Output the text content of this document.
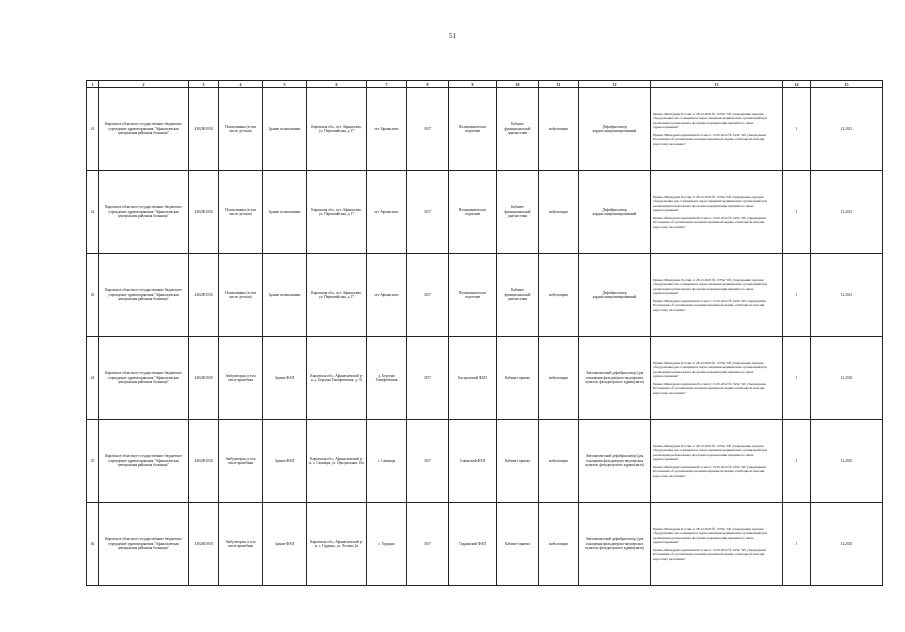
51
1	2	3	4	5	6	7	8	9	10	11	12	13	14	15
41	Кировское областное государственное бюджетное учреждение здравоохранения "Афанасьевская центральная районная больница"	4302001030	Поликлиника (в том числе детская)	Здание поликлиники	Кировская обл., пгт. Афанасьево, ул. Первомайская, д.17	пгт Афанасьево	3107	Поликлиническое отделение	Кабинет функциональной диагностики	амбулаторно	Дефибриллятор кардиосинхронизированный	Приказ Минздрава России от 28.12.2020 № 1379н "Об утверждении перечня оборудования для оснащения и переоснащения медицинских организаций при реализации региональных программ модернизации первичного звена здравоохранения"
Приказ Минздравсоцразвития России от 15.05.2012 № 543н "Об утверждении Положения об организации оказания первичной медико-санитарной помощи взрослому населению"	1	12.2021
42	Кировское областное государственное бюджетное учреждение здравоохранения "Афанасьевская центральная районная больница"	4302001030	Поликлиника (в том числе детская)	Здание поликлиники	Кировская обл., пгт. Афанасьево, ул. Первомайская, д.17	пгт Афанасьево	3107	Поликлиническое отделение	Кабинет функциональной диагностики	амбулаторно	Дефибриллятор кардиосинхронизированный	Приказ Минздрава России от 28.12.2020 № 1379н "Об утверждении перечня оборудования для оснащения и переоснащения медицинских организаций при реализации региональных программ модернизации первичного звена здравоохранения"
Приказ Минздравсоцразвития России от 15.05.2012 № 543н "Об утверждении Положения об организации оказания первичной медико-санитарной помощи взрослому населению"	1	12.2021
43	Кировское областное государственное бюджетное учреждение здравоохранения "Афанасьевская центральная районная больница"	4302001030	Поликлиника (в том числе детская)	Здание поликлиники	Кировская обл., пгт. Афанасьево, ул. Первомайская, д.17	пгт Афанасьево	3107	Поликлиническое отделение	Кабинет функциональной диагностики	амбулаторно	Дефибриллятор кардиосинхронизированный	Приказ Минздрава России от 28.12.2020 № 1379н "Об утверждении перечня оборудования для оснащения и переоснащения медицинских организаций при реализации региональных программ модернизации первичного звена здравоохранения"
Приказ Минздравсоцразвития России от 15.05.2012 № 543н "Об утверждении Положения об организации оказания первичной медико-санитарной помощи взрослому населению"	1	12.2021
44	Кировское областное государственное бюджетное учреждение здравоохранения "Афанасьевская центральная районная больница"	4302001030	Амбулатория, в том числе врачебная	Здание ФАП	Кировская обл., Афанасьевский р-н, д. Берсени Тимофеевская, д. 31	д. Берсени Тимофеевская	3107	Бисеровский ФАП	Кабинет приема	амбулаторно	Автоматический дефибриллятор (для оснащения фельдшерско-акушерских пунктов, фельдшерского здравпункта)	Приказ Минздрава России от 28.12.2020 № 1379н "Об утверждении перечня оборудования для оснащения и переоснащения медицинских организаций при реализации региональных программ модернизации первичного звена здравоохранения"
Приказ Минздравсоцразвития России от 15.05.2012 № 543н "Об утверждении Положения об организации оказания первичной медико-санитарной помощи взрослому населению"	1	12.2025
45	Кировское областное государственное бюджетное учреждение здравоохранения "Афанасьевская центральная районная больница"	4302001030	Амбулатория, в том числе врачебная	Здание ФАП	Кировская обл., Афанасьевский р-н, с. Савинцы, ул. Центральная, 16а	с. Савинцы	3107	Савинский ФАП	Кабинет приема	амбулаторно	Автоматический дефибриллятор (для оснащения фельдшерско-акушерских пунктов, фельдшерского здравпункта)	Приказ Минздрава России от 28.12.2020 № 1379н "Об утверждении перечня оборудования для оснащения и переоснащения медицинских организаций при реализации региональных программ модернизации первичного звена здравоохранения"
Приказ Минздравсоцразвития России от 15.05.2012 № 543н "Об утверждении Положения об организации оказания первичной медико-санитарной помощи взрослому населению"	1	12.2025
46	Кировское областное государственное бюджетное учреждение здравоохранения "Афанасьевская центральная районная больница"	4302001030	Амбулатория, в том числе врачебная	Здание ФАП	Кировская обл., Афанасьевский р-н, с. Гордино, ул. Лесная, 2а	с. Гордино	3107	Гординский ФАП	Кабинет приема	амбулаторно	Автоматический дефибриллятор (для оснащения фельдшерско-акушерских пунктов, фельдшерского здравпункта)	Приказ Минздрава России от 28.12.2020 № 1379н "Об утверждении перечня оборудования для оснащения и переоснащения медицинских организаций при реализации региональных программ модернизации первичного звена здравоохранения"
Приказ Минздравсоцразвития России от 15.05.2012 № 543н "Об утверждении Положения об организации оказания первичной медико-санитарной помощи взрослому населению"	1	12.2025
